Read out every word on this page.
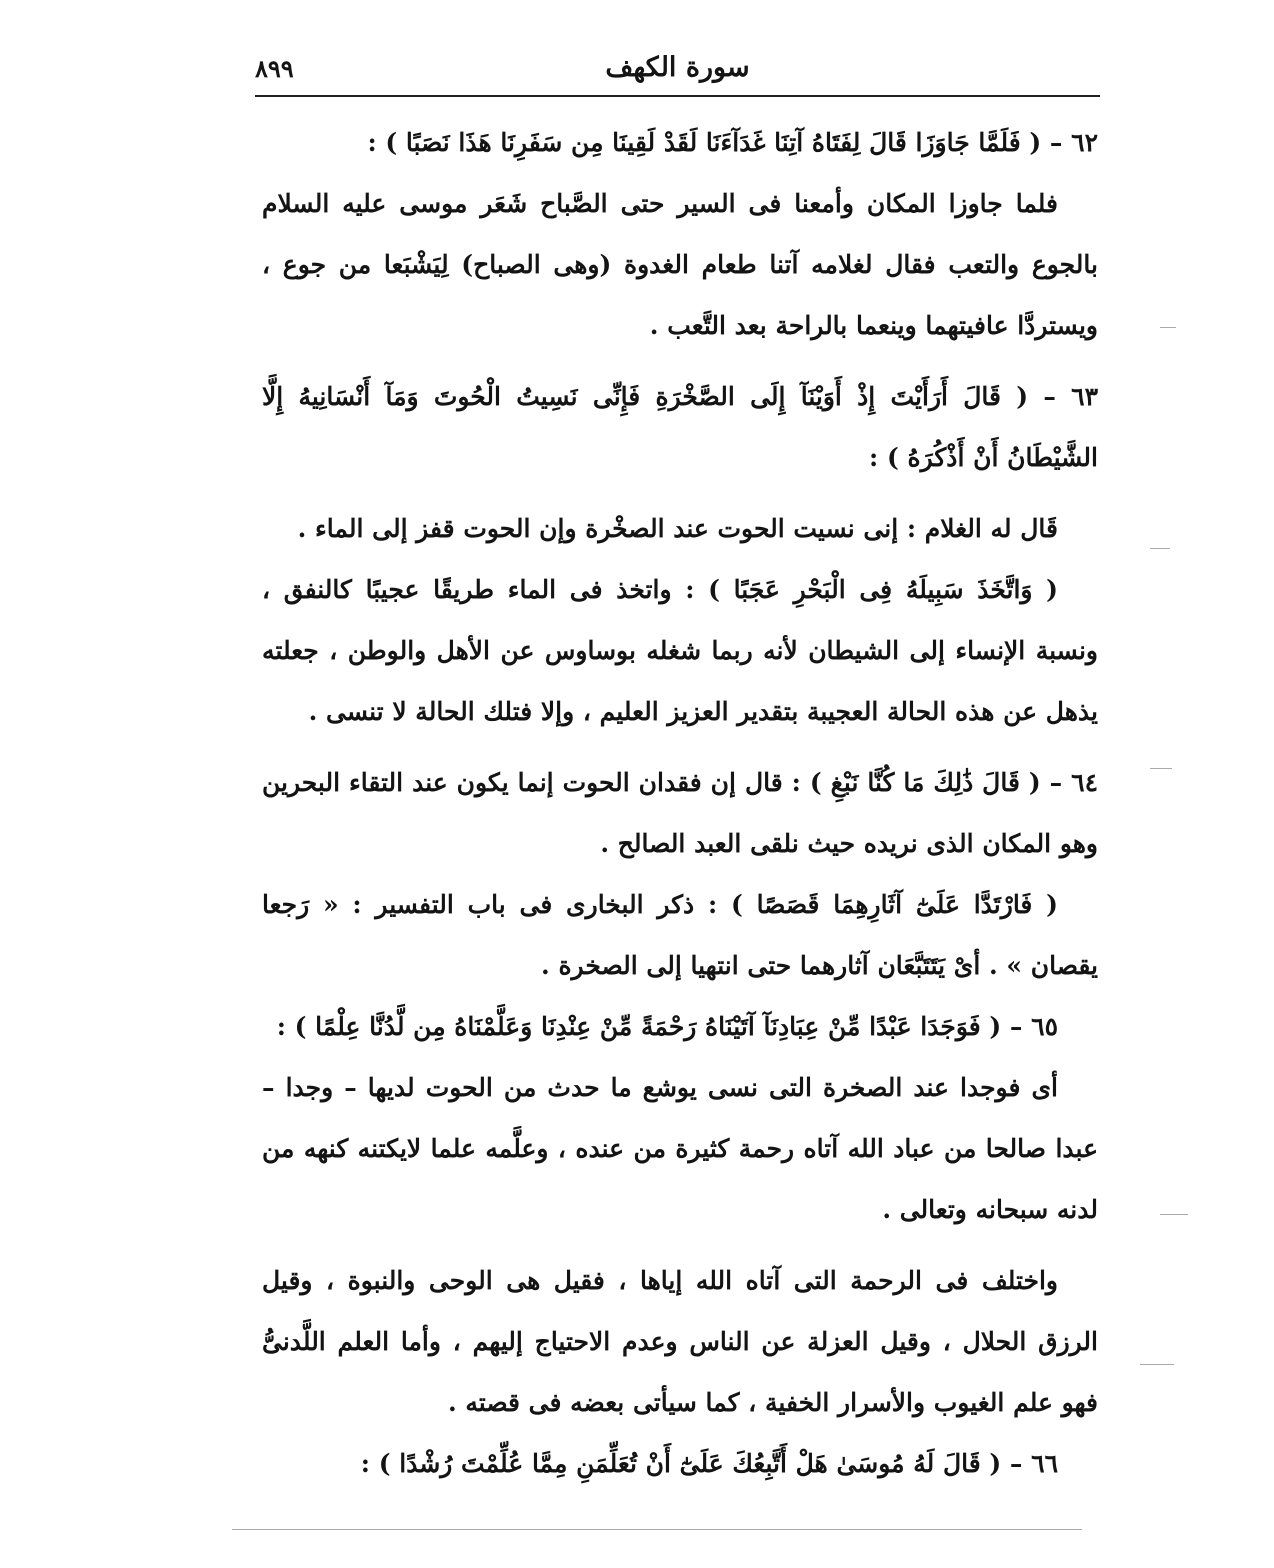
سورة الكهف
٨٩٩

٦٢ – ( فَلَمَّا جَاوَزَا قَالَ لِفَتَاهُ آتِنَا غَدَآءَنَا لَقَدْ لَقِينَا مِن سَفَرِنَا هَذَا نَصَبًا ) :

فلما جاوزا المكان وأمعنا فى السير حتى الصَّباح شَعَر موسى عليه السلام بالجوع والتعب فقال لغلامه آتنا طعام الغدوة (وهى الصباح) لِيَشْبَعا من جوع ، ويستردَّا عافيتهما وينعما بالراحة بعد التَّعب .

٦٣ – ( قَالَ أَرَأَيْتَ إِذْ أَوَيْنَآ إِلَى الصَّخْرَةِ فَإِنِّى نَسِيتُ الْحُوتَ وَمَآ أَنْسَانِيهُ إِلَّا الشَّيْطَانُ أَنْ أَذْكُرَهُ ) :

قَال له الغلام : إنى نسيت الحوت عند الصخْرة وإن الحوت قفز إلى الماء .

( وَاتَّخَذَ سَبِيلَهُ فِى الْبَحْرِ عَجَبًا ) : واتخذ فى الماء طريقًا عجيبًا كالنفق ، ونسبة الإنساء إلى الشيطان لأنه ربما شغله بوساوس عن الأهل والوطن ، جعلته يذهل عن هذه الحالة العجيبة بتقدير العزيز العليم ، وإلا فتلك الحالة لا تنسى .

٦٤ – ( قَالَ ذَٰلِكَ مَا كُنَّا نَبْغِ ) : قال إن فقدان الحوت إنما يكون عند التقاء البحرين وهو المكان الذى نريده حيث نلقى العبد الصالح .

( فَارْتَدَّا عَلَىٰٓ آثَارِهِمَا قَصَصًا ) : ذكر البخارى فى باب التفسير : « رَجعا يقصان » . أىْ يَتَتَبَّعَان آثارهما حتى انتهيا إلى الصخرة .

٦٥ – ( فَوَجَدَا عَبْدًا مِّنْ عِبَادِنَآ آتَيْنَاهُ رَحْمَةً مِّنْ عِنْدِنَا وَعَلَّمْنَاهُ مِن لَّدُنَّا عِلْمًا ) :

أى فوجدا عند الصخرة التى نسى يوشع ما حدث من الحوت لديها – وجدا – عبدا صالحا من عباد الله آتاه رحمة كثيرة من عنده ، وعلَّمه علما لايكتنه كنهه من لدنه سبحانه وتعالى .

واختلف فى الرحمة التى آتاه الله إياها ، فقيل هى الوحى والنبوة ، وقيل الرزق الحلال ، وقيل العزلة عن الناس وعدم الاحتياج إليهم ، وأما العلم اللَّدنىُّ فهو علم الغيوب والأسرار الخفية ، كما سيأتى بعضه فى قصته .

٦٦ – ( قَالَ لَهُ مُوسَىٰ هَلْ أَتَّبِعُكَ عَلَىٰٓ أَنْ تُعَلِّمَنِ مِمَّا عُلِّمْتَ رُشْدًا ) :
